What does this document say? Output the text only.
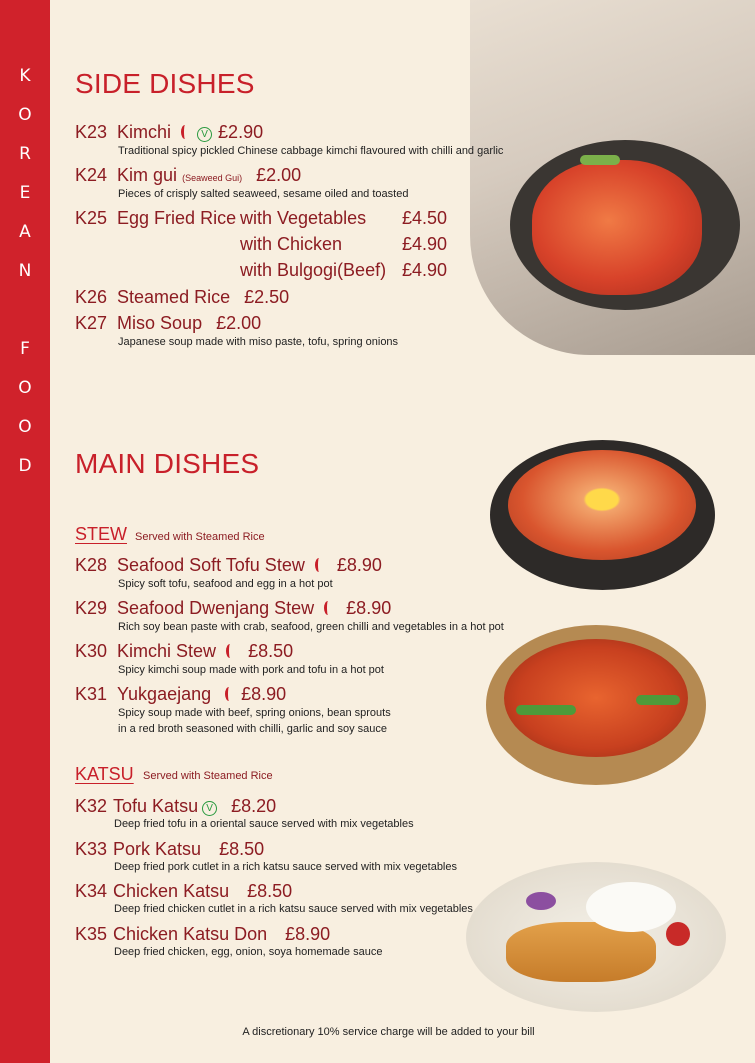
K
O
R
E
A
N
F
O
O
D
SIDE DISHES
K23 Kimchi	V £2.90
Traditional spicy pickled Chinese cabbage kimchi flavoured with chilli and garlic
K24 Kim gui (Seaweed Gui) £2.00
Pieces of crisply salted seaweed, sesame oiled and toasted
K25 Egg Fried Rice with Vegetables £4.50
with Chicken	£4.90
with Bulgogi(Beef) £4.90
K26 Steamed Rice £2.50
K27 Miso Soup £2.00
Japanese soup made with miso paste, tofu, spring onions
MAIN DISHES
STEW Served with Steamed Rice
K28 Seafood Soft Tofu Stew £8.90
Spicy soft tofu, seafood and egg in a hot pot
K29 Seafood Dwenjang Stew £8.90
Rich soy bean paste with crab, seafood, green chilli and vegetables in a hot pot
K30 Kimchi Stew £8.50
Spicy kimchi soup made with pork and tofu in a hot pot
K31 Yukgaejang £8.90
Spicy soup made with beef, spring onions, bean sprouts
in a red broth seasoned with chilli, garlic and soy sauce
KATSU Served with Steamed Rice
K32 Tofu Katsu V £8.20
Deep fried tofu in a oriental sauce served with mix vegetables
K33 Pork Katsu £8.50
Deep fried pork cutlet in a rich katsu sauce served with mix vegetables
K34 Chicken Katsu £8.50
Deep fried chicken cutlet in a rich katsu sauce served with mix vegetables
K35 Chicken Katsu Don £8.90
Deep fried chicken, egg, onion, soya homemade sauce
A discretionary 10% service charge will be added to your bill
